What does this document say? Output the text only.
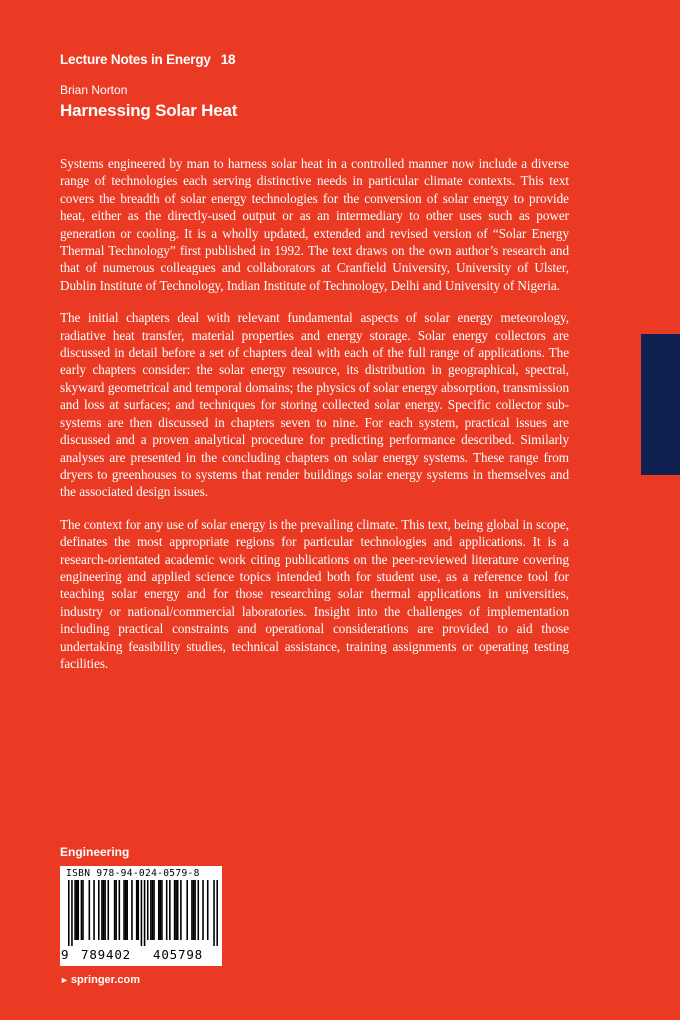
Lecture Notes in Energy 18
Brian Norton
Harnessing Solar Heat

Systems engineered by man to harness solar heat in a controlled manner now include a diverse range of technologies each serving distinctive needs in particular climate contexts. This text covers the breadth of solar energy technologies for the conversion of solar energy to provide heat, either as the directly-used output or as an intermediary to other uses such as power generation or cooling. It is a wholly updated, extended and revised version of “Solar Energy Thermal Technology” first published in 1992. The text draws on the own author’s research and that of numerous colleagues and collaborators at Cranfield University, University of Ulster, Dublin Institute of Technology, Indian Institute of Technology, Delhi and University of Nigeria.

The initial chapters deal with relevant fundamental aspects of solar energy meteorology, radiative heat transfer, material properties and energy storage. Solar energy collectors are discussed in detail before a set of chapters deal with each of the full range of applications. The early chapters consider: the solar energy resource, its distribution in geographical, spectral, skyward geometrical and temporal domains; the physics of solar energy absorption, transmission and loss at surfaces; and techniques for storing collected solar energy. Specific collector sub-systems are then discussed in chapters seven to nine. For each system, practical issues are discussed and a proven analytical procedure for predicting performance described. Similarly analyses are presented in the concluding chapters on solar energy systems. These range from dryers to greenhouses to systems that render buildings solar energy systems in themselves and the associated design issues.

The context for any use of solar energy is the prevailing climate. This text, being global in scope, definates the most appropriate regions for particular technologies and applications. It is a research-orientated academic work citing publications on the peer-reviewed literature covering engineering and applied science topics intended both for student use, as a reference tool for teaching solar energy and for those researching solar thermal applications in universities, industry or national/commercial laboratories. Insight into the challenges of implementation including practical constraints and operational considerations are provided to aid those undertaking feasibility studies, technical assistance, training assignments or operating testing facilities.

Engineering
ISBN 978-94-024-0579-8
9 789402	405798
► springer.com
